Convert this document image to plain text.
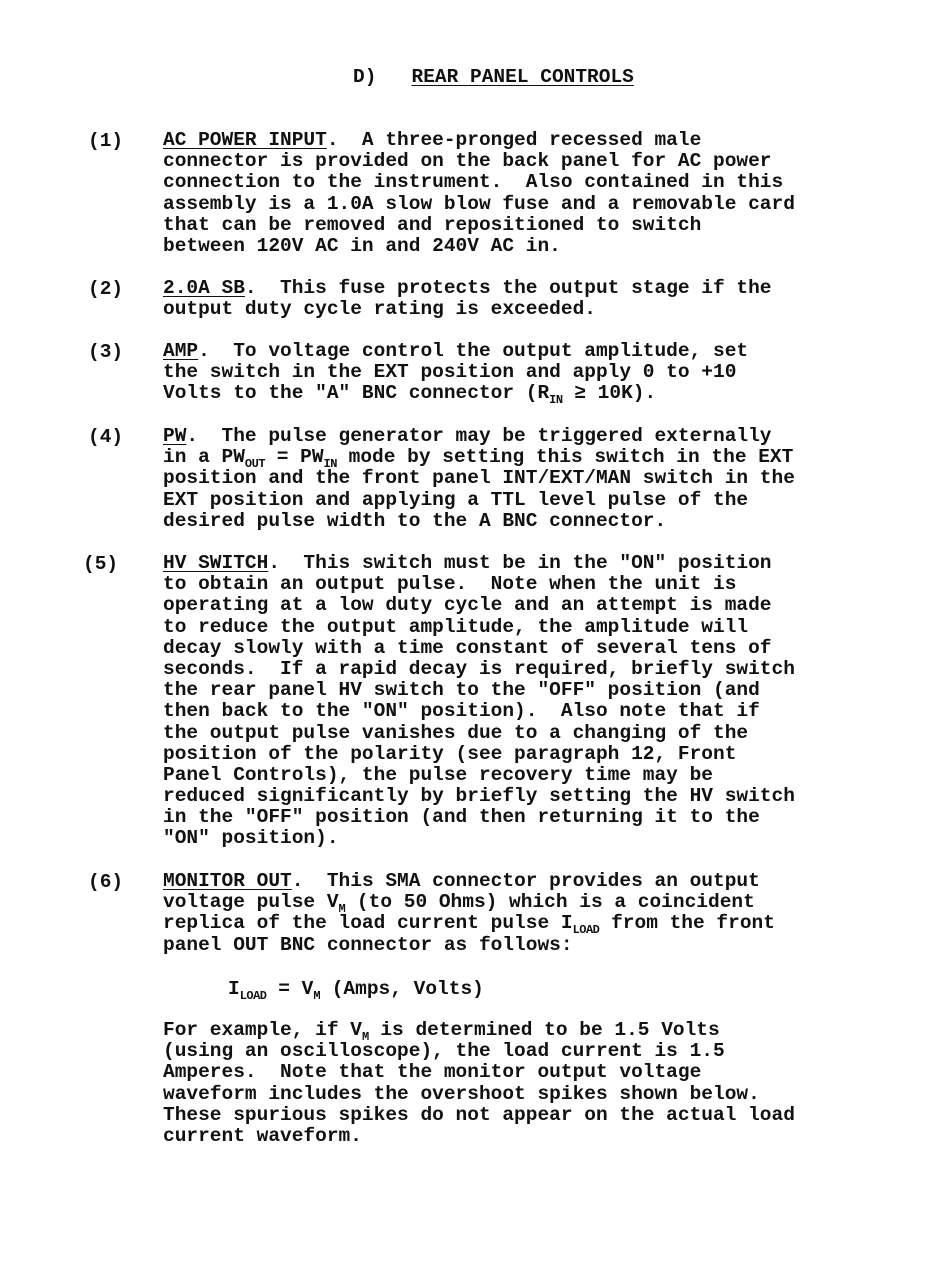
D) REAR PANEL CONTROLS
(1) AC POWER INPUT.  A three-pronged recessed male
connector is provided on the back panel for AC power
connection to the instrument.  Also contained in this
assembly is a 1.0A slow blow fuse and a removable card
that can be removed and repositioned to switch
between 120V AC in and 240V AC in.
(2) 2.0A SB.  This fuse protects the output stage if the
output duty cycle rating is exceeded.
(3) AMP.  To voltage control the output amplitude, set
the switch in the EXT position and apply 0 to +10
Volts to the "A" BNC connector $(R_{IN} \ge 10K)$.
(4) PW.  The pulse generator may be triggered externally
in a $PW_{OUT} = PW_{IN}$ mode by setting this switch in the EXT
position and the front panel INT/EXT/MAN switch in the
EXT position and applying a TTL level pulse of the
desired pulse width to the A BNC connector.
(5) HV SWITCH.  This switch must be in the "ON" position
to obtain an output pulse.  Note when the unit is
operating at a low duty cycle and an attempt is made
to reduce the output amplitude, the amplitude will
decay slowly with a time constant of several tens of
seconds.  If a rapid decay is required, briefly switch
the rear panel HV switch to the "OFF" position (and
then back to the "ON" position).  Also note that if
the output pulse vanishes due to a changing of the
position of the polarity (see paragraph 12, Front
Panel Controls), the pulse recovery time may be
reduced significantly by briefly setting the HV switch
in the "OFF" position (and then returning it to the
"ON" position).
(6) MONITOR OUT.  This SMA connector provides an output
voltage pulse $V_M$ (to 50 Ohms) which is a coincident
replica of the load current pulse $I_{LOAD}$ from the front
panel OUT BNC connector as follows:
$I_{LOAD} = V_M$ (Amps, Volts)
For example, if $V_M$ is determined to be 1.5 Volts
(using an oscilloscope), the load current is 1.5
Amperes.  Note that the monitor output voltage
waveform includes the overshoot spikes shown below.
These spurious spikes do not appear on the actual load
current waveform.
